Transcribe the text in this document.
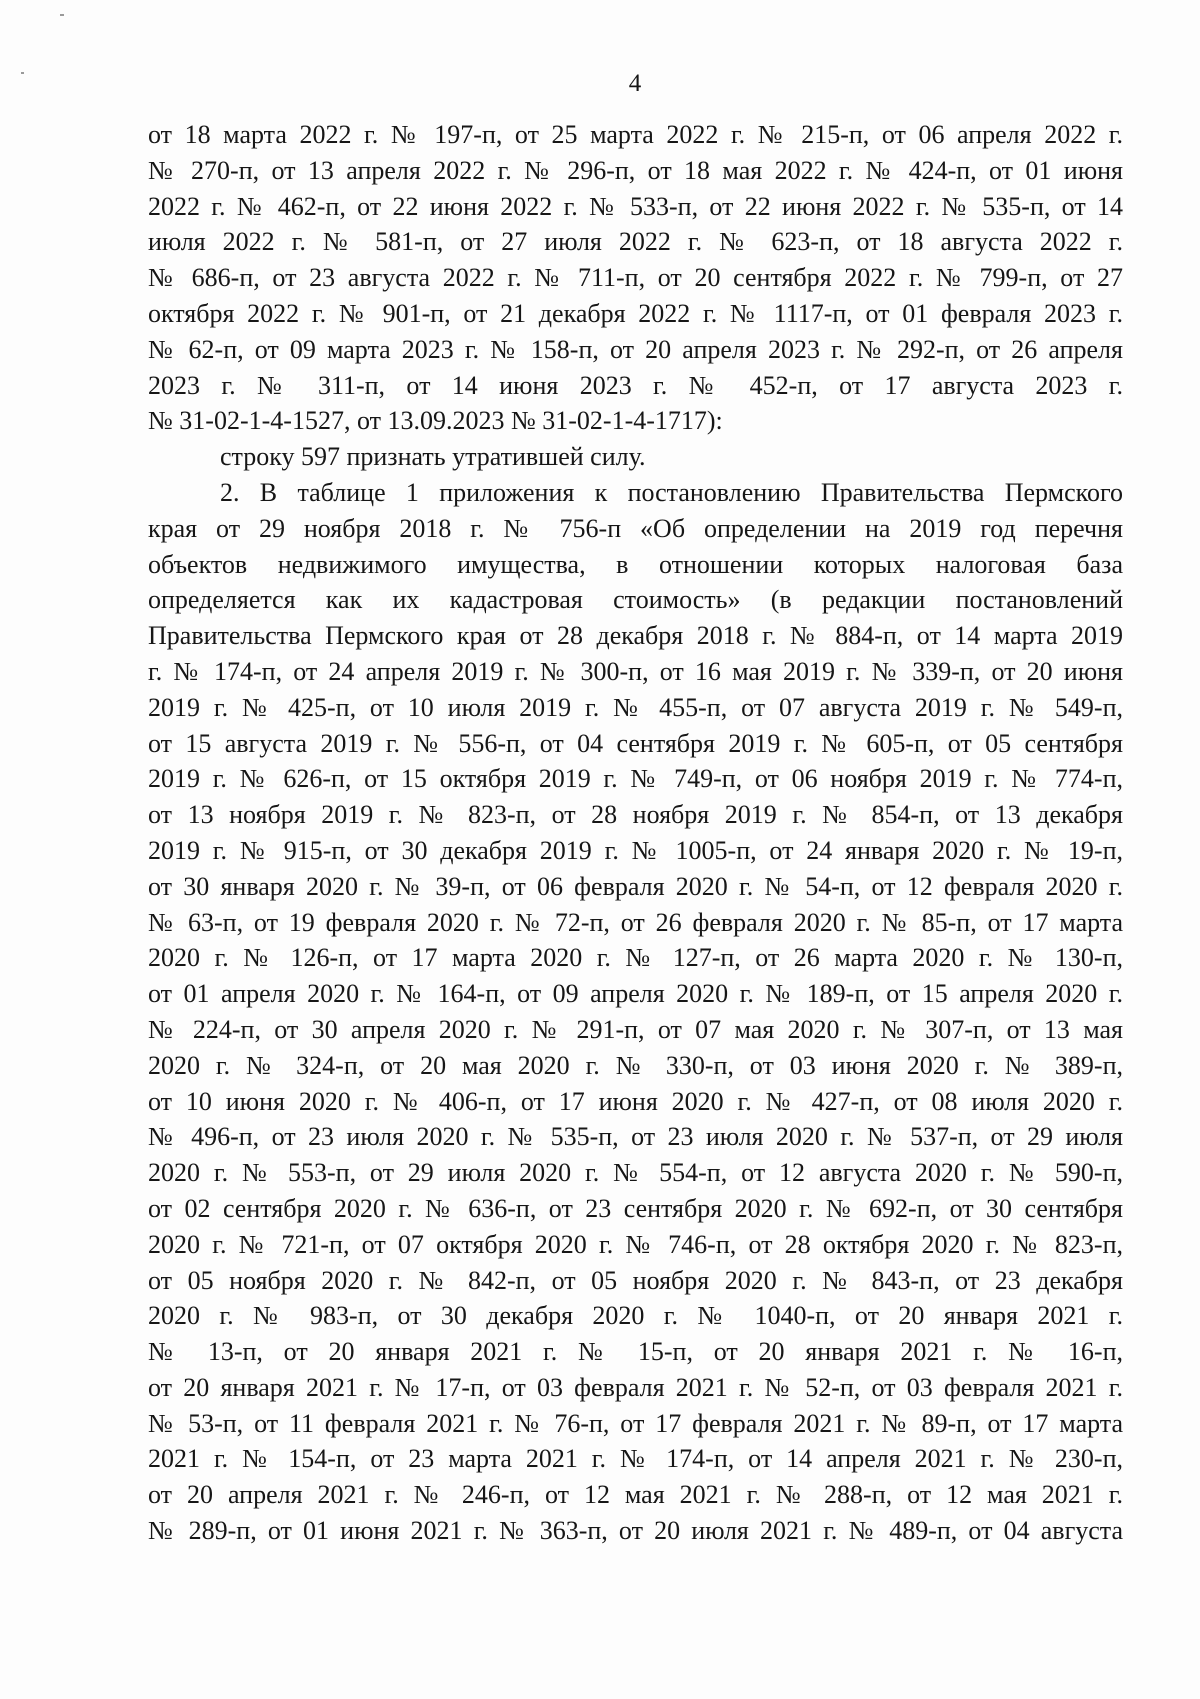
4

от 18 марта 2022 г. № 197-п, от 25 марта 2022 г. № 215-п, от 06 апреля 2022 г.
№ 270-п, от 13 апреля 2022 г. № 296-п, от 18 мая 2022 г. № 424-п, от 01 июня
2022 г. № 462-п, от 22 июня 2022 г. № 533-п, от 22 июня 2022 г. № 535-п, от 14
июля 2022 г. № 581-п, от 27 июля 2022 г. № 623-п, от 18 августа 2022 г.
№ 686-п, от 23 августа 2022 г. № 711-п, от 20 сентября 2022 г. № 799-п, от 27
октября 2022 г. № 901-п, от 21 декабря 2022 г. № 1117-п, от 01 февраля 2023 г.
№ 62-п, от 09 марта 2023 г. № 158-п, от 20 апреля 2023 г. № 292-п, от 26 апреля
2023 г. № 311-п, от 14 июня 2023 г. № 452-п, от 17 августа 2023 г.
№ 31-02-1-4-1527, от 13.09.2023 № 31-02-1-4-1717):

строку 597 признать утратившей силу.

2. В таблице 1 приложения к постановлению Правительства Пермского
края от 29 ноября 2018 г. № 756-п «Об определении на 2019 год перечня
объектов недвижимого имущества, в отношении которых налоговая база
определяется как их кадастровая стоимость» (в редакции постановлений
Правительства Пермского края от 28 декабря 2018 г. № 884-п, от 14 марта 2019
г. № 174-п, от 24 апреля 2019 г. № 300-п, от 16 мая 2019 г. № 339-п, от 20 июня
2019 г. № 425-п, от 10 июля 2019 г. № 455-п, от 07 августа 2019 г. № 549-п,
от 15 августа 2019 г. № 556-п, от 04 сентября 2019 г. № 605-п, от 05 сентября
2019 г. № 626-п, от 15 октября 2019 г. № 749-п, от 06 ноября 2019 г. № 774-п,
от 13 ноября 2019 г. № 823-п, от 28 ноября 2019 г. № 854-п, от 13 декабря
2019 г. № 915-п, от 30 декабря 2019 г. № 1005-п, от 24 января 2020 г. № 19-п,
от 30 января 2020 г. № 39-п, от 06 февраля 2020 г. № 54-п, от 12 февраля 2020 г.
№ 63-п, от 19 февраля 2020 г. № 72-п, от 26 февраля 2020 г. № 85-п, от 17 марта
2020 г. № 126-п, от 17 марта 2020 г. № 127-п, от 26 марта 2020 г. № 130-п,
от 01 апреля 2020 г. № 164-п, от 09 апреля 2020 г. № 189-п, от 15 апреля 2020 г.
№ 224-п, от 30 апреля 2020 г. № 291-п, от 07 мая 2020 г. № 307-п, от 13 мая
2020 г. № 324-п, от 20 мая 2020 г. № 330-п, от 03 июня 2020 г. № 389-п,
от 10 июня 2020 г. № 406-п, от 17 июня 2020 г. № 427-п, от 08 июля 2020 г.
№ 496-п, от 23 июля 2020 г. № 535-п, от 23 июля 2020 г. № 537-п, от 29 июля
2020 г. № 553-п, от 29 июля 2020 г. № 554-п, от 12 августа 2020 г. № 590-п,
от 02 сентября 2020 г. № 636-п, от 23 сентября 2020 г. № 692-п, от 30 сентября
2020 г. № 721-п, от 07 октября 2020 г. № 746-п, от 28 октября 2020 г. № 823-п,
от 05 ноября 2020 г. № 842-п, от 05 ноября 2020 г. № 843-п, от 23 декабря
2020 г. № 983-п, от 30 декабря 2020 г. № 1040-п, от 20 января 2021 г.
№ 13-п, от 20 января 2021 г. № 15-п, от 20 января 2021 г. № 16-п,
от 20 января 2021 г. № 17-п, от 03 февраля 2021 г. № 52-п, от 03 февраля 2021 г.
№ 53-п, от 11 февраля 2021 г. № 76-п, от 17 февраля 2021 г. № 89-п, от 17 марта
2021 г. № 154-п, от 23 марта 2021 г. № 174-п, от 14 апреля 2021 г. № 230-п,
от 20 апреля 2021 г. № 246-п, от 12 мая 2021 г. № 288-п, от 12 мая 2021 г.
№ 289-п, от 01 июня 2021 г. № 363-п, от 20 июля 2021 г. № 489-п, от 04 августа
